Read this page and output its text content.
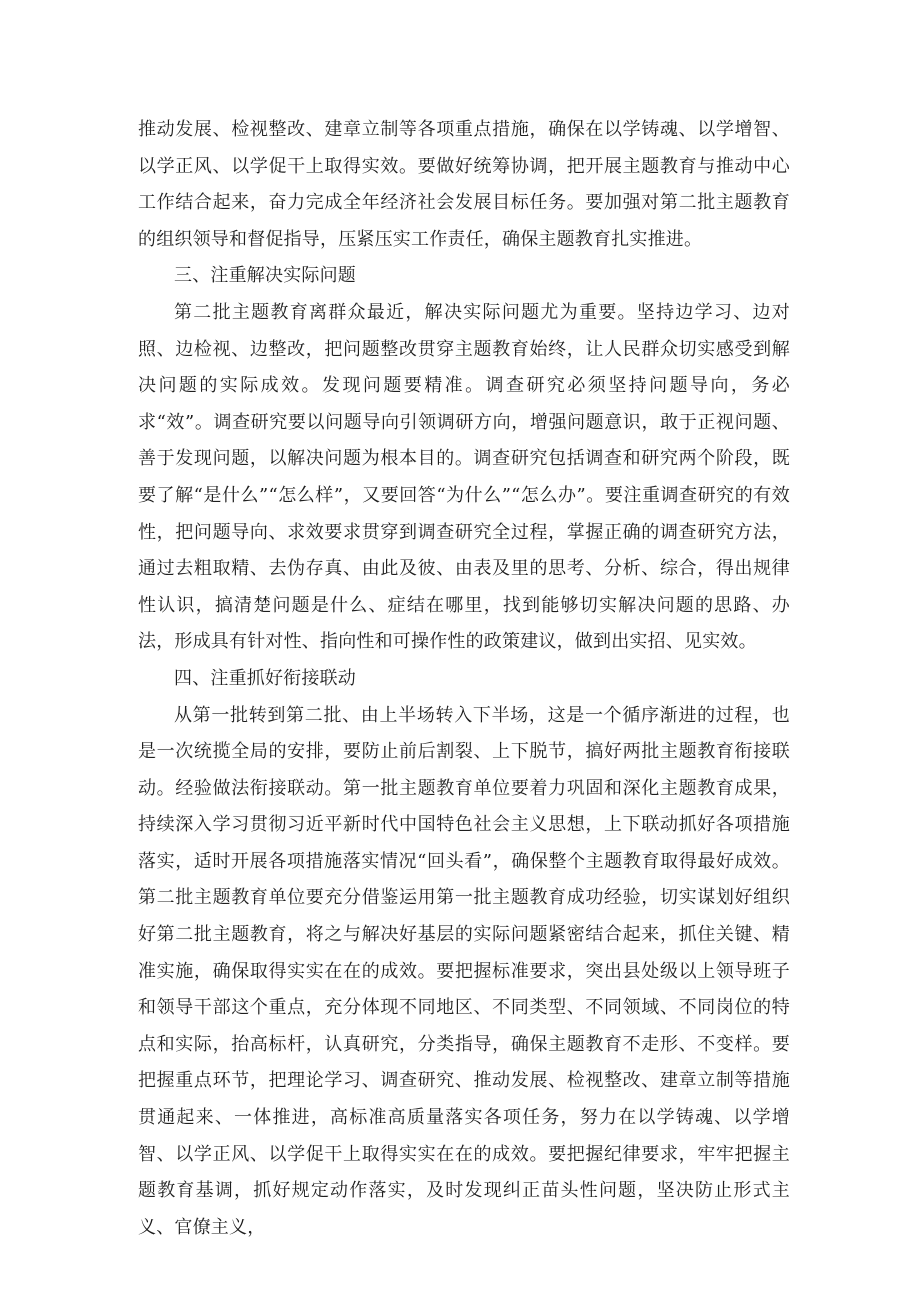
推动发展、检视整改、建章立制等各项重点措施，确保在以学铸魂、以学增智、以学正风、以学促干上取得实效。要做好统筹协调，把开展主题教育与推动中心工作结合起来，奋力完成全年经济社会发展目标任务。要加强对第二批主题教育的组织领导和督促指导，压紧压实工作责任，确保主题教育扎实推进。

三、注重解决实际问题

第二批主题教育离群众最近，解决实际问题尤为重要。坚持边学习、边对照、边检视、边整改，把问题整改贯穿主题教育始终，让人民群众切实感受到解决问题的实际成效。发现问题要精准。调查研究必须坚持问题导向，务必求“效”。调查研究要以问题导向引领调研方向，增强问题意识，敢于正视问题、善于发现问题，以解决问题为根本目的。调查研究包括调查和研究两个阶段，既要了解“是什么”“怎么样”，又要回答“为什么”“怎么办”。要注重调查研究的有效性，把问题导向、求效要求贯穿到调查研究全过程，掌握正确的调查研究方法，通过去粗取精、去伪存真、由此及彼、由表及里的思考、分析、综合，得出规律性认识，搞清楚问题是什么、症结在哪里，找到能够切实解决问题的思路、办法，形成具有针对性、指向性和可操作性的政策建议，做到出实招、见实效。

四、注重抓好衔接联动

从第一批转到第二批、由上半场转入下半场，这是一个循序渐进的过程，也是一次统揽全局的安排，要防止前后割裂、上下脱节，搞好两批主题教育衔接联动。经验做法衔接联动。第一批主题教育单位要着力巩固和深化主题教育成果，持续深入学习贯彻习近平新时代中国特色社会主义思想，上下联动抓好各项措施落实，适时开展各项措施落实情况“回头看”，确保整个主题教育取得最好成效。第二批主题教育单位要充分借鉴运用第一批主题教育成功经验，切实谋划好组织好第二批主题教育，将之与解决好基层的实际问题紧密结合起来，抓住关键、精准实施，确保取得实实在在的成效。要把握标准要求，突出县处级以上领导班子和领导干部这个重点，充分体现不同地区、不同类型、不同领域、不同岗位的特点和实际，抬高标杆，认真研究，分类指导，确保主题教育不走形、不变样。要把握重点环节，把理论学习、调查研究、推动发展、检视整改、建章立制等措施贯通起来、一体推进，高标准高质量落实各项任务，努力在以学铸魂、以学增智、以学正风、以学促干上取得实实在在的成效。要把握纪律要求，牢牢把握主题教育基调，抓好规定动作落实，及时发现纠正苗头性问题，坚决防止形式主义、官僚主义，
